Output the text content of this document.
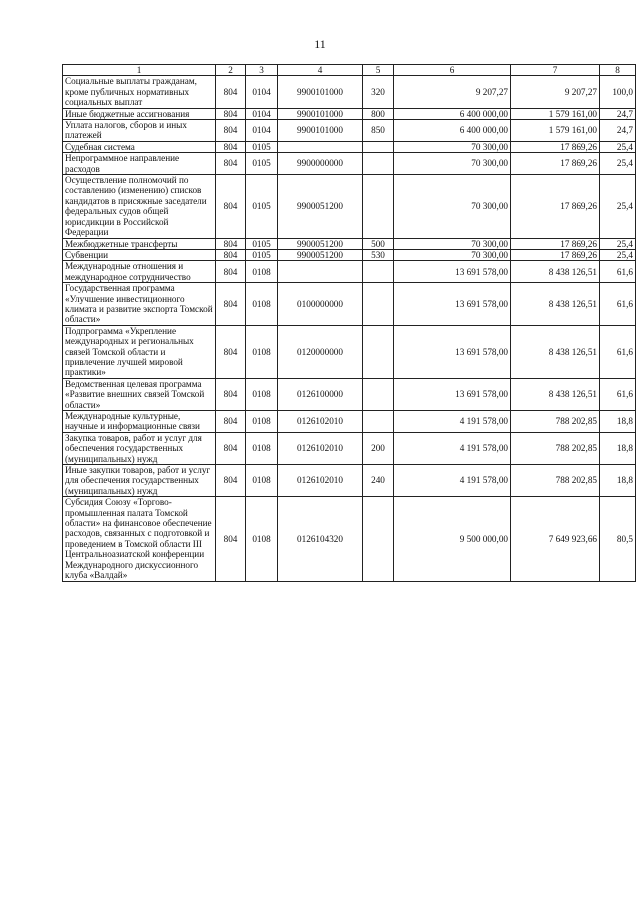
11
1	2	3	4	5	6	7	8
Социальные выплаты гражданам, кроме публичных нормативных социальных выплат	804	0104	9900101000	320	9 207,27	9 207,27	100,0
Иные бюджетные ассигнования	804	0104	9900101000	800	6 400 000,00	1 579 161,00	24,7
Уплата налогов, сборов и иных платежей	804	0104	9900101000	850	6 400 000,00	1 579 161,00	24,7
Судебная система	804	0105			70 300,00	17 869,26	25,4
Непрограммное направление расходов	804	0105	9900000000		70 300,00	17 869,26	25,4
Осуществление полномочий по составлению (изменению) списков кандидатов в присяжные заседатели федеральных судов общей юрисдикции в Российской Федерации	804	0105	9900051200		70 300,00	17 869,26	25,4
Межбюджетные трансферты	804	0105	9900051200	500	70 300,00	17 869,26	25,4
Субвенции	804	0105	9900051200	530	70 300,00	17 869,26	25,4
Международные отношения и международное сотрудничество	804	0108			13 691 578,00	8 438 126,51	61,6
Государственная программа «Улучшение инвестиционного климата и развитие экспорта Томской области»	804	0108	0100000000		13 691 578,00	8 438 126,51	61,6
Подпрограмма «Укрепление международных и региональных связей Томской области и привлечение лучшей мировой практики»	804	0108	0120000000		13 691 578,00	8 438 126,51	61,6
Ведомственная целевая программа «Развитие внешних связей Томской области»	804	0108	0126100000		13 691 578,00	8 438 126,51	61,6
Международные культурные, научные и информационные связи	804	0108	0126102010		4 191 578,00	788 202,85	18,8
Закупка товаров, работ и услуг для обеспечения государственных (муниципальных) нужд	804	0108	0126102010	200	4 191 578,00	788 202,85	18,8
Иные закупки товаров, работ и услуг для обеспечения государственных (муниципальных) нужд	804	0108	0126102010	240	4 191 578,00	788 202,85	18,8
Субсидия Союзу «Торгово-промышленная палата Томской области» на финансовое обеспечение расходов, связанных с подготовкой и проведением в Томской области III Центральноазиатской конференции Международного дискуссионного клуба «Валдай»	804	0108	0126104320		9 500 000,00	7 649 923,66	80,5
